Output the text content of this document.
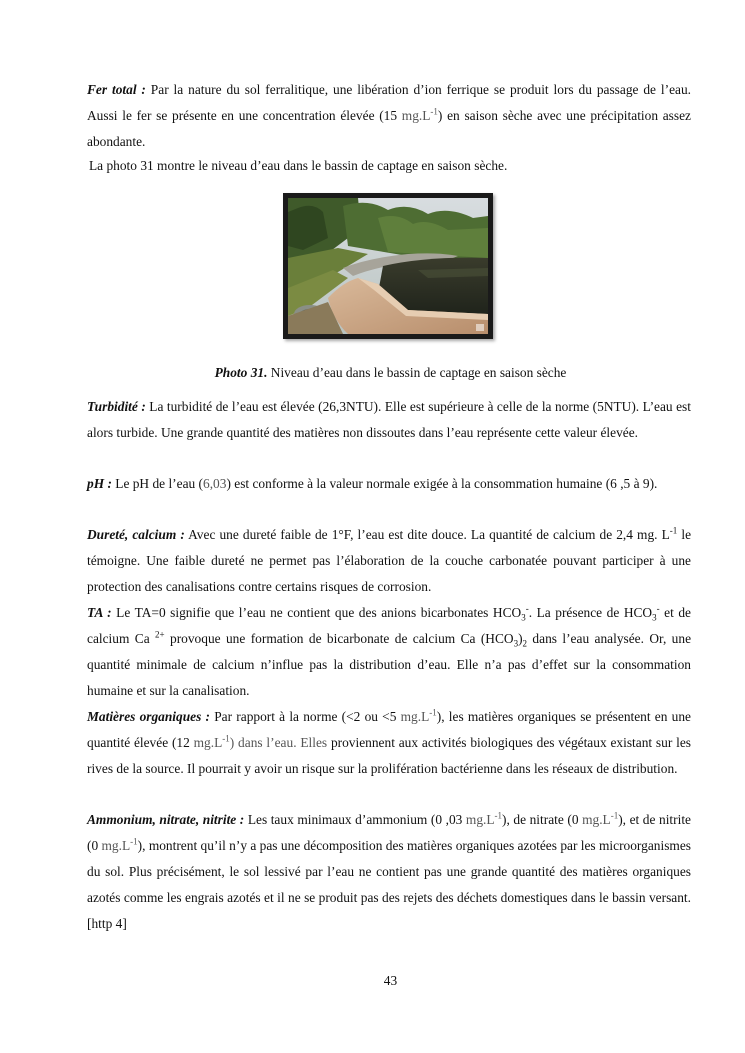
Fer total : Par la nature du sol ferralitique, une libération d’ion ferrique se produit lors du passage de l’eau. Aussi le fer se présente en une concentration élevée (15 $mg.L^{-1}$) en saison sèche avec une précipitation assez abondante.

La photo 31 montre le niveau d’eau dans le bassin de captage en saison sèche.

Photo 31. Niveau d’eau dans le bassin de captage en saison sèche

Turbidité : La turbidité de l’eau est élevée (26,3NTU). Elle est supérieure à celle de la norme (5NTU). L’eau est alors turbide. Une grande quantité des matières non dissoutes dans l’eau représente cette valeur élevée.

pH : Le pH de l’eau (6,03) est conforme à la valeur normale exigée à la consommation humaine (6 ,5 à 9).

Dureté, calcium : Avec une dureté faible de 1°F, l’eau est dite douce. La quantité de calcium de 2,4 mg. $L^{-1}$ le témoigne. Une faible dureté ne permet pas l’élaboration de la couche carbonatée pouvant participer à une protection des canalisations contre certains risques de corrosion.

TA : Le TA=0 signifie que l’eau ne contient que des anions bicarbonates $HCO_3^-$. La présence de $HCO_3^-$ et de calcium Ca $^{2+}$ provoque une formation de bicarbonate de calcium Ca $(HCO_3)_2$ dans l’eau analysée. Or, une quantité minimale de calcium n’influe pas la distribution d’eau. Elle n’a pas d’effet sur la consommation humaine et sur la canalisation.

Matières organiques : Par rapport à la norme (<2 ou <5 $mg.L^{-1}$), les matières organiques se présentent en une quantité élevée (12 $mg.L^{-1}$) dans l’eau. Elles proviennent aux activités biologiques des végétaux existant sur les rives de la source. Il pourrait y avoir un risque sur la prolifération bactérienne dans les réseaux de distribution.

Ammonium, nitrate, nitrite : Les taux minimaux d’ammonium (0 ,03 $mg.L^{-1}$), de nitrate (0 $mg.L^{-1}$), et de nitrite (0 $mg.L^{-1}$), montrent qu’il n’y a pas une décomposition des matières organiques azotées par les microorganismes du sol. Plus précisément, le sol lessivé par l’eau ne contient pas une grande quantité des matières organiques azotés comme les engrais azotés et il ne se produit pas des rejets des déchets domestiques dans le bassin versant. [http 4]

43
